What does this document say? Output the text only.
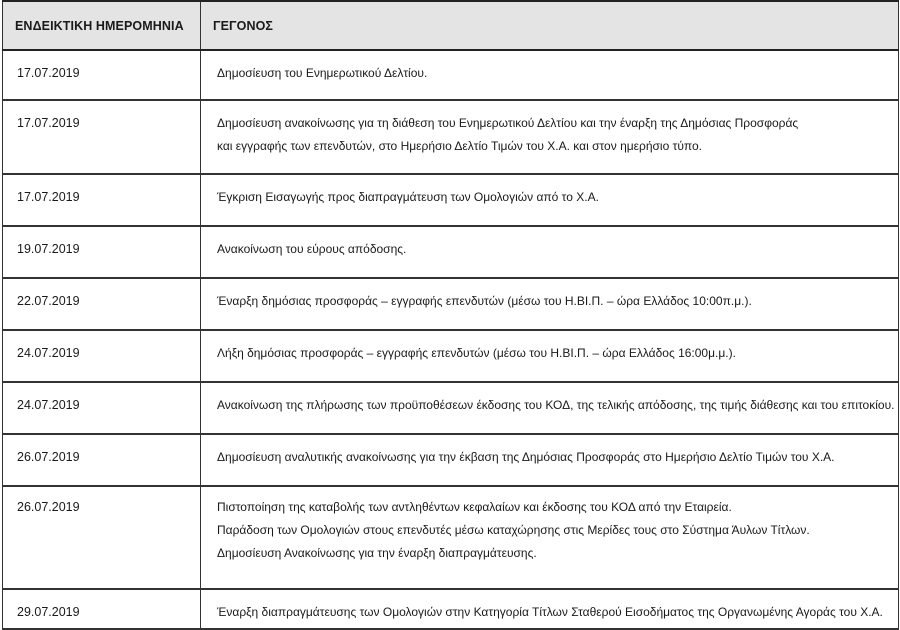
ΕΝΔΕΙΚΤΙΚΗ ΗΜΕΡΟΜΗΝΙΑ	ΓΕΓΟΝΟΣ
17.07.2019	Δημοσίευση του Ενημερωτικού Δελτίου.

17.07.2019	Δημοσίευση ανακοίνωσης για τη διάθεση του Ενημερωτικού Δελτίου και την έναρξη της Δημόσιας Προσφοράς
και εγγραφής των επενδυτών, στο Ημερήσιο Δελτίο Τιμών του Χ.Α. και στον ημερήσιο τύπο.

17.07.2019	Έγκριση Εισαγωγής προς διαπραγμάτευση των Ομολογιών από το Χ.Α.

19.07.2019	Ανακοίνωση του εύρους απόδοσης.

22.07.2019	Έναρξη δημόσιας προσφοράς – εγγραφής επενδυτών (μέσω του Η.ΒΙ.Π. – ώρα Ελλάδος 10:00π.μ.).

24.07.2019	Λήξη δημόσιας προσφοράς – εγγραφής επενδυτών (μέσω του Η.ΒΙ.Π. – ώρα Ελλάδος 16:00μ.μ.).

24.07.2019	Ανακοίνωση της πλήρωσης των προϋποθέσεων έκδοσης του ΚΟΔ, της τελικής απόδοσης, της τιμής διάθεσης και του επιτοκίου.

26.07.2019	Δημοσίευση αναλυτικής ανακοίνωσης για την έκβαση της Δημόσιας Προσφοράς στο Ημερήσιο Δελτίο Τιμών του Χ.Α.

26.07.2019	Πιστοποίηση της καταβολής των αντληθέντων κεφαλαίων και έκδοσης του ΚΟΔ από την Εταιρεία.
Παράδοση των Ομολογιών στους επενδυτές μέσω καταχώρησης στις Μερίδες τους στο Σύστημα Άυλων Τίτλων.
Δημοσίευση Ανακοίνωσης για την έναρξη διαπραγμάτευσης.

29.07.2019	Έναρξη διαπραγμάτευσης των Ομολογιών στην Κατηγορία Τίτλων Σταθερού Εισοδήματος της Οργανωμένης Αγοράς του Χ.Α.
